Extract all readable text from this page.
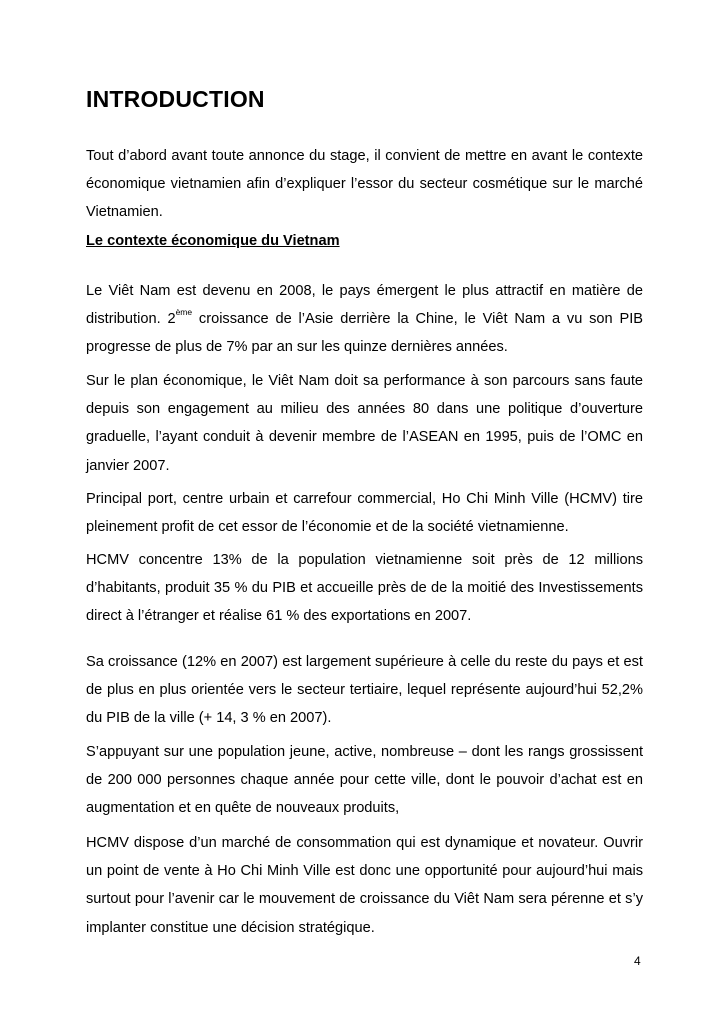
INTRODUCTION

Tout d’abord avant toute annonce du stage, il convient de mettre en avant le contexte économique vietnamien afin d’expliquer l’essor du secteur cosmétique sur le marché Vietnamien.

Le contexte économique du Vietnam

Le Viêt Nam est devenu en 2008, le pays émergent le plus attractif en matière de distribution. 2ème croissance de l’Asie derrière la Chine, le Viêt Nam a vu son PIB progresse de plus de 7% par an sur les quinze dernières années.

Sur le plan économique, le Viêt Nam doit sa performance à son parcours sans faute depuis son engagement au milieu des années 80 dans une politique d’ouverture graduelle, l’ayant conduit à devenir membre de l’ASEAN en 1995, puis de l’OMC en janvier 2007.

Principal port, centre urbain et carrefour commercial, Ho Chi Minh Ville (HCMV) tire pleinement profit de cet essor de l’économie et de la société vietnamienne.

HCMV concentre 13% de la population vietnamienne soit près de 12 millions d’habitants, produit 35 % du PIB et accueille près de de la moitié des Investissements direct à l’étranger et réalise 61 % des exportations en 2007.

Sa croissance (12% en 2007) est largement supérieure à celle du reste du pays et est de plus en plus orientée vers le secteur tertiaire, lequel représente aujourd’hui 52,2% du PIB de la ville (+ 14, 3 % en 2007).

S’appuyant sur une population jeune, active, nombreuse – dont les rangs grossissent de 200 000 personnes chaque année pour cette ville, dont le pouvoir d’achat est en augmentation et en quête de nouveaux produits,

HCMV dispose d’un marché de consommation qui est dynamique et novateur. Ouvrir un point de vente à Ho Chi Minh Ville est donc une opportunité pour aujourd’hui mais surtout pour l’avenir car le mouvement de croissance du Viêt Nam sera pérenne et s’y implanter constitue une décision stratégique.

4
